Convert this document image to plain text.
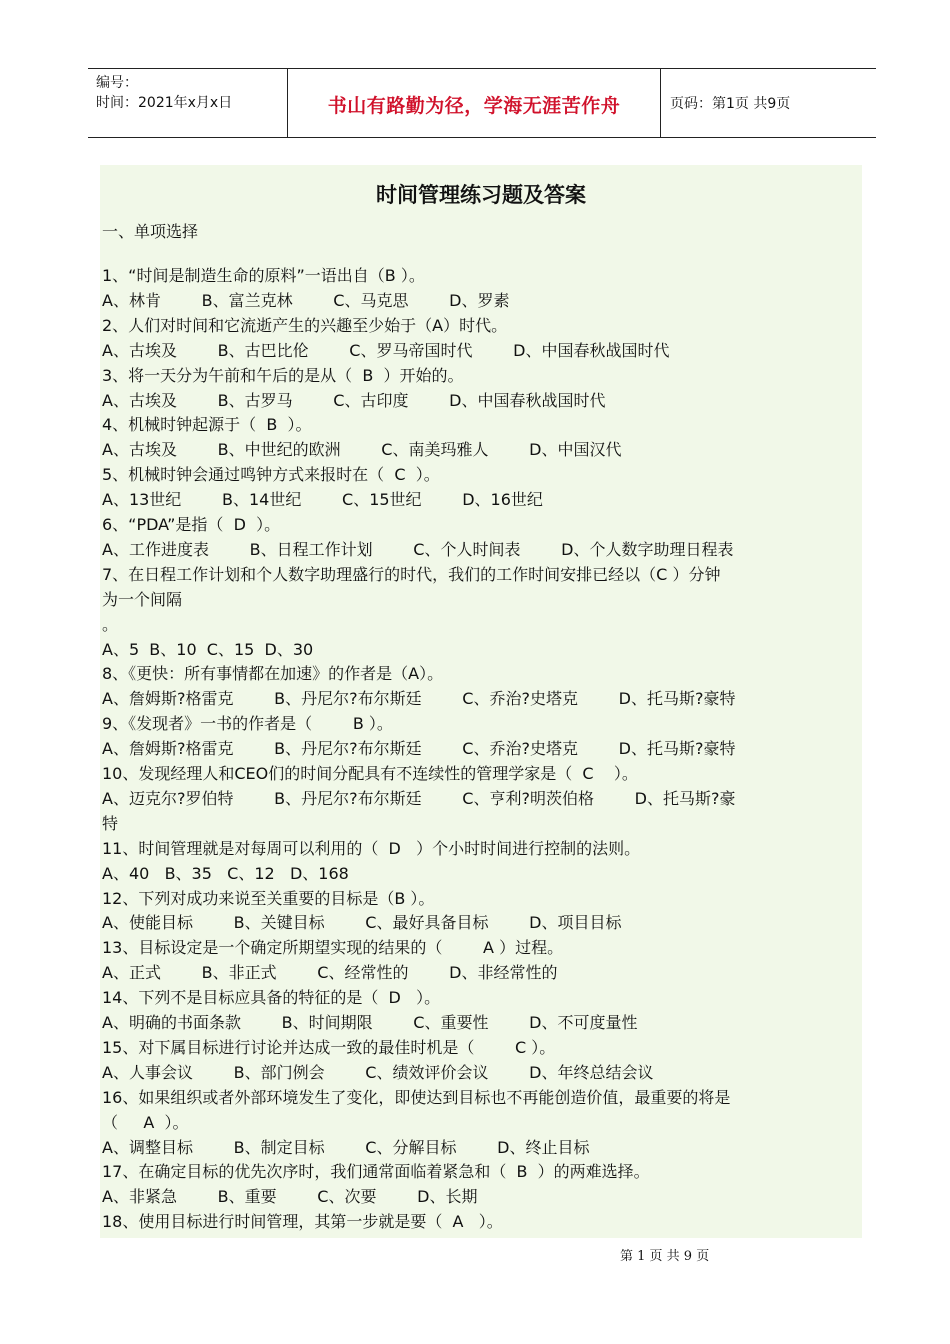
编号：
时间：2021年x月x日	书山有路勤为径，学海无涯苦作舟	页码：第1页 共9页
时间管理练习题及答案
一、单项选择
1、“时间是制造生命的原料”一语出自（B ）。
A、林肯        B、富兰克林        C、马克思        D、罗素
2、人们对时间和它流逝产生的兴趣至少始于（A）时代。
A、古埃及        B、古巴比伦        C、罗马帝国时代        D、中国春秋战国时代
3、将一天分为午前和午后的是从（  B  ）开始的。
A、古埃及        B、古罗马        C、古印度        D、中国春秋战国时代
4、机械时钟起源于（  B  ）。
A、古埃及        B、中世纪的欧洲        C、南美玛雅人        D、中国汉代
5、机械时钟会通过鸣钟方式来报时在（  C  ）。
A、13世纪        B、14世纪        C、15世纪        D、16世纪
6、“PDA”是指（  D  ）。
A、工作进度表        B、日程工作计划        C、个人时间表        D、个人数字助理日程表
7、在日程工作计划和个人数字助理盛行的时代，我们的工作时间安排已经以（C ）分钟
为一个间隔
。
A、5  B、10  C、15  D、30
8、《更快：所有事情都在加速》的作者是（A）。
A、詹姆斯?格雷克        B、丹尼尔?布尔斯廷        C、乔治?史塔克        D、托马斯?豪特
9、《发现者》一书的作者是（        B ）。
A、詹姆斯?格雷克        B、丹尼尔?布尔斯廷        C、乔治?史塔克        D、托马斯?豪特
10、发现经理人和CEO们的时间分配具有不连续性的管理学家是（  C    ）。
A、迈克尔?罗伯特        B、丹尼尔?布尔斯廷        C、亨利?明茨伯格        D、托马斯?豪
特
11、时间管理就是对每周可以利用的（  D   ）个小时时间进行控制的法则。
A、40   B、35   C、12   D、168
12、下列对成功来说至关重要的目标是（B ）。
A、使能目标        B、关键目标        C、最好具备目标        D、项目目标
13、目标设定是一个确定所期望实现的结果的（        A ）过程。
A、正式        B、非正式        C、经常性的        D、非经常性的
14、下列不是目标应具备的特征的是（  D   ）。
A、明确的书面条款        B、时间期限        C、重要性        D、不可度量性
15、对下属目标进行讨论并达成一致的最佳时机是（        C ）。
A、人事会议        B、部门例会        C、绩效评价会议        D、年终总结会议
16、如果组织或者外部环境发生了变化，即使达到目标也不再能创造价值，最重要的将是
（     A  ）。
A、调整目标        B、制定目标        C、分解目标        D、终止目标
17、在确定目标的优先次序时，我们通常面临着紧急和（  B  ）的两难选择。
A、非紧急        B、重要        C、次要        D、长期
18、使用目标进行时间管理，其第一步就是要（  A   ）。
第 1 页 共 9 页
